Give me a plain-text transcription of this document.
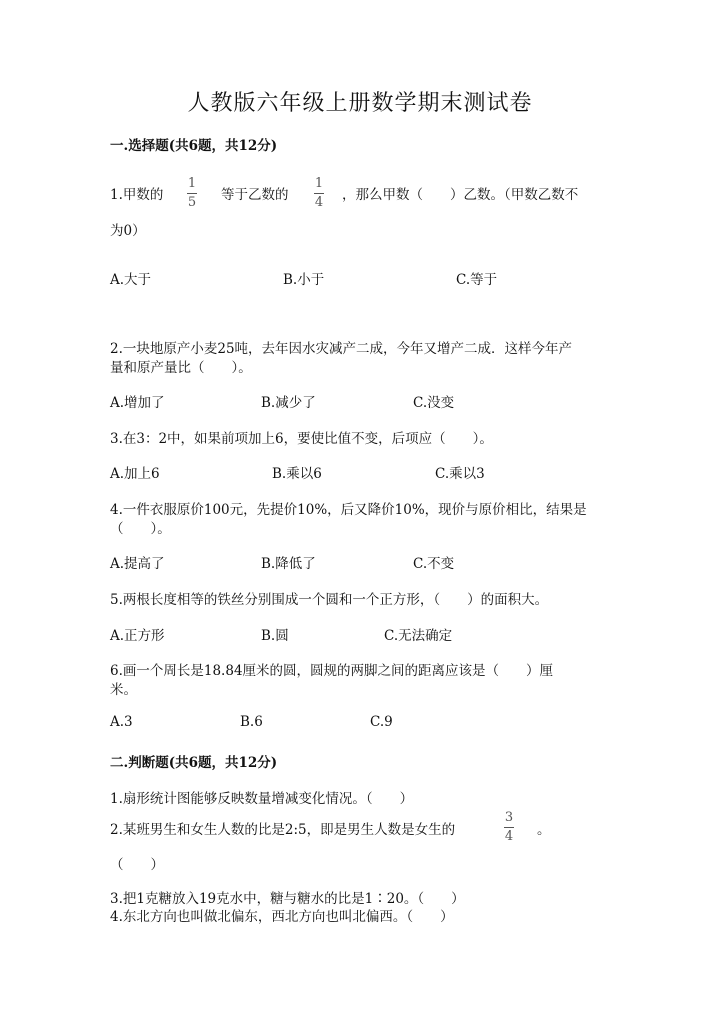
人教版六年级上册数学期末测试卷
一.选择题(共6题，共12分)
1.甲数的
1
5 等于乙数的
1
4 ，那么甲数（　　）乙数。（甲数乙数不
为0）
A.大于	B.小于	C.等于
2.一块地原产小麦25吨，去年因水灾减产二成，今年又增产二成．这样今年产
量和原产量比（　　）。
A.增加了	B.减少了	C.没变
3.在3：2中，如果前项加上6，要使比值不变，后项应（　　）。
A.加上6	B.乘以6	C.乘以3
4.一件衣服原价100元，先提价10%，后又降价10%，现价与原价相比，结果是
（　　）。
A.提高了	B.降低了	C.不变
5.两根长度相等的铁丝分别围成一个圆和一个正方形，（　　）的面积大。
A.正方形	B.圆	C.无法确定
6.画一个周长是18.84厘米的圆，圆规的两脚之间的距离应该是（　　）厘
米。
A.3	B.6	C.9
二.判断题(共6题，共12分)
1.扇形统计图能够反映数量增减变化情况。（　　）
2.某班男生和女生人数的比是2:5，即是男生人数是女生的
3
4 。
（　　）
3.把1克糖放入19克水中，糖与糖水的比是1∶20。（　　）
4.东北方向也叫做北偏东，西北方向也叫北偏西。（　　）
